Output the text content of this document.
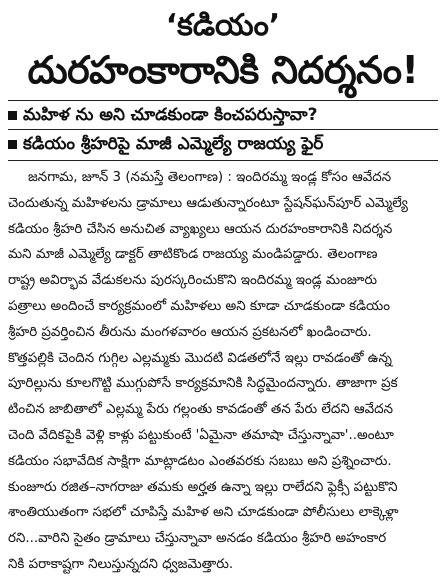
‘కడియం’
దురహంకారానికి నిదర్శనం!
మహిళ ను అని చూడకుండా కించపరుస్తావా?
కడియం శ్రీహరిపై మాజీ ఎమ్మెల్యే రాజయ్య ఫైర్
జనగామ, జూన్ 3 (నమస్తే తెలంగాణ) : ఇందిరమ్మ ఇండ్ల కోసం ఆవేదన
చెందుతున్న మహిళలను డ్రామాలు ఆడుతున్నారంటూ స్టేషన్‌ఘన్‌పూర్ ఎమ్మెల్యే
కడియం శ్రీహరి చేసిన అనుచిత వ్యాఖ్యలు ఆయన దురహంకారానికి నిదర్శన
మని మాజీ ఎమ్మెల్యే డాక్టర్ తాటికొండ రాజయ్య మండిపడ్డారు. తెలంగాణ
రాష్ట్ర అవిర్భావ వేడుకలను పురస్కరించుకొని ఇందిరమ్మ ఇండ్ల మంజూరు
పత్రాలు అందించే కార్యక్రమంలో మహిళలు అని కూడా చూడకుండా కడియం
శ్రీహరి ప్రవర్తించిన తీరును మంగళవారం ఆయన ప్రకటనలో ఖండించారు.
కొత్తపల్లికి చెందిన గుగ్గిల ఎల్లమ్మకు మొదటి విడతలోనే ఇల్లు రావడంతో ఉన్న
పూరిల్లును కూలగొట్టి ముగ్గుపోసే కార్యక్రమానికి సిద్ధమైందన్నారు. తాజాగా ప్రక
టించిన జాబితాలో ఎల్లమ్మ పేరు గల్లంతు కావడంతో తన పేరు లేదని ఆవేదన
చెంది వేదికపైకి వెళ్లి కాళ్లు పట్టుకుంటే 'ఏమైనా తమాషా చేస్తున్నావా'..అంటూ
కడియం సభావేదిక సాక్షిగా మాట్లాడటం ఎంతవరకు సబబు అని ప్రశ్నించారు.
కుంజూరు రజిత–నాగరాజు తమకు అర్హత ఉన్నా ఇల్లు రాలేదని ఫ్లెక్సీ పట్టుకొని
శాంతియుతంగా సభలో చూపిస్తే మహిళ అని చూడకుండా పోలీసులు లాక్కెళ్లా
రని...వారిని సైతం డ్రామాలు చేస్తున్నావా అనడం కడియం శ్రీహరి అహంకార
నికి పరాకాష్టగా నిలుస్తున్నదని ధ్వజమెత్తారు.
